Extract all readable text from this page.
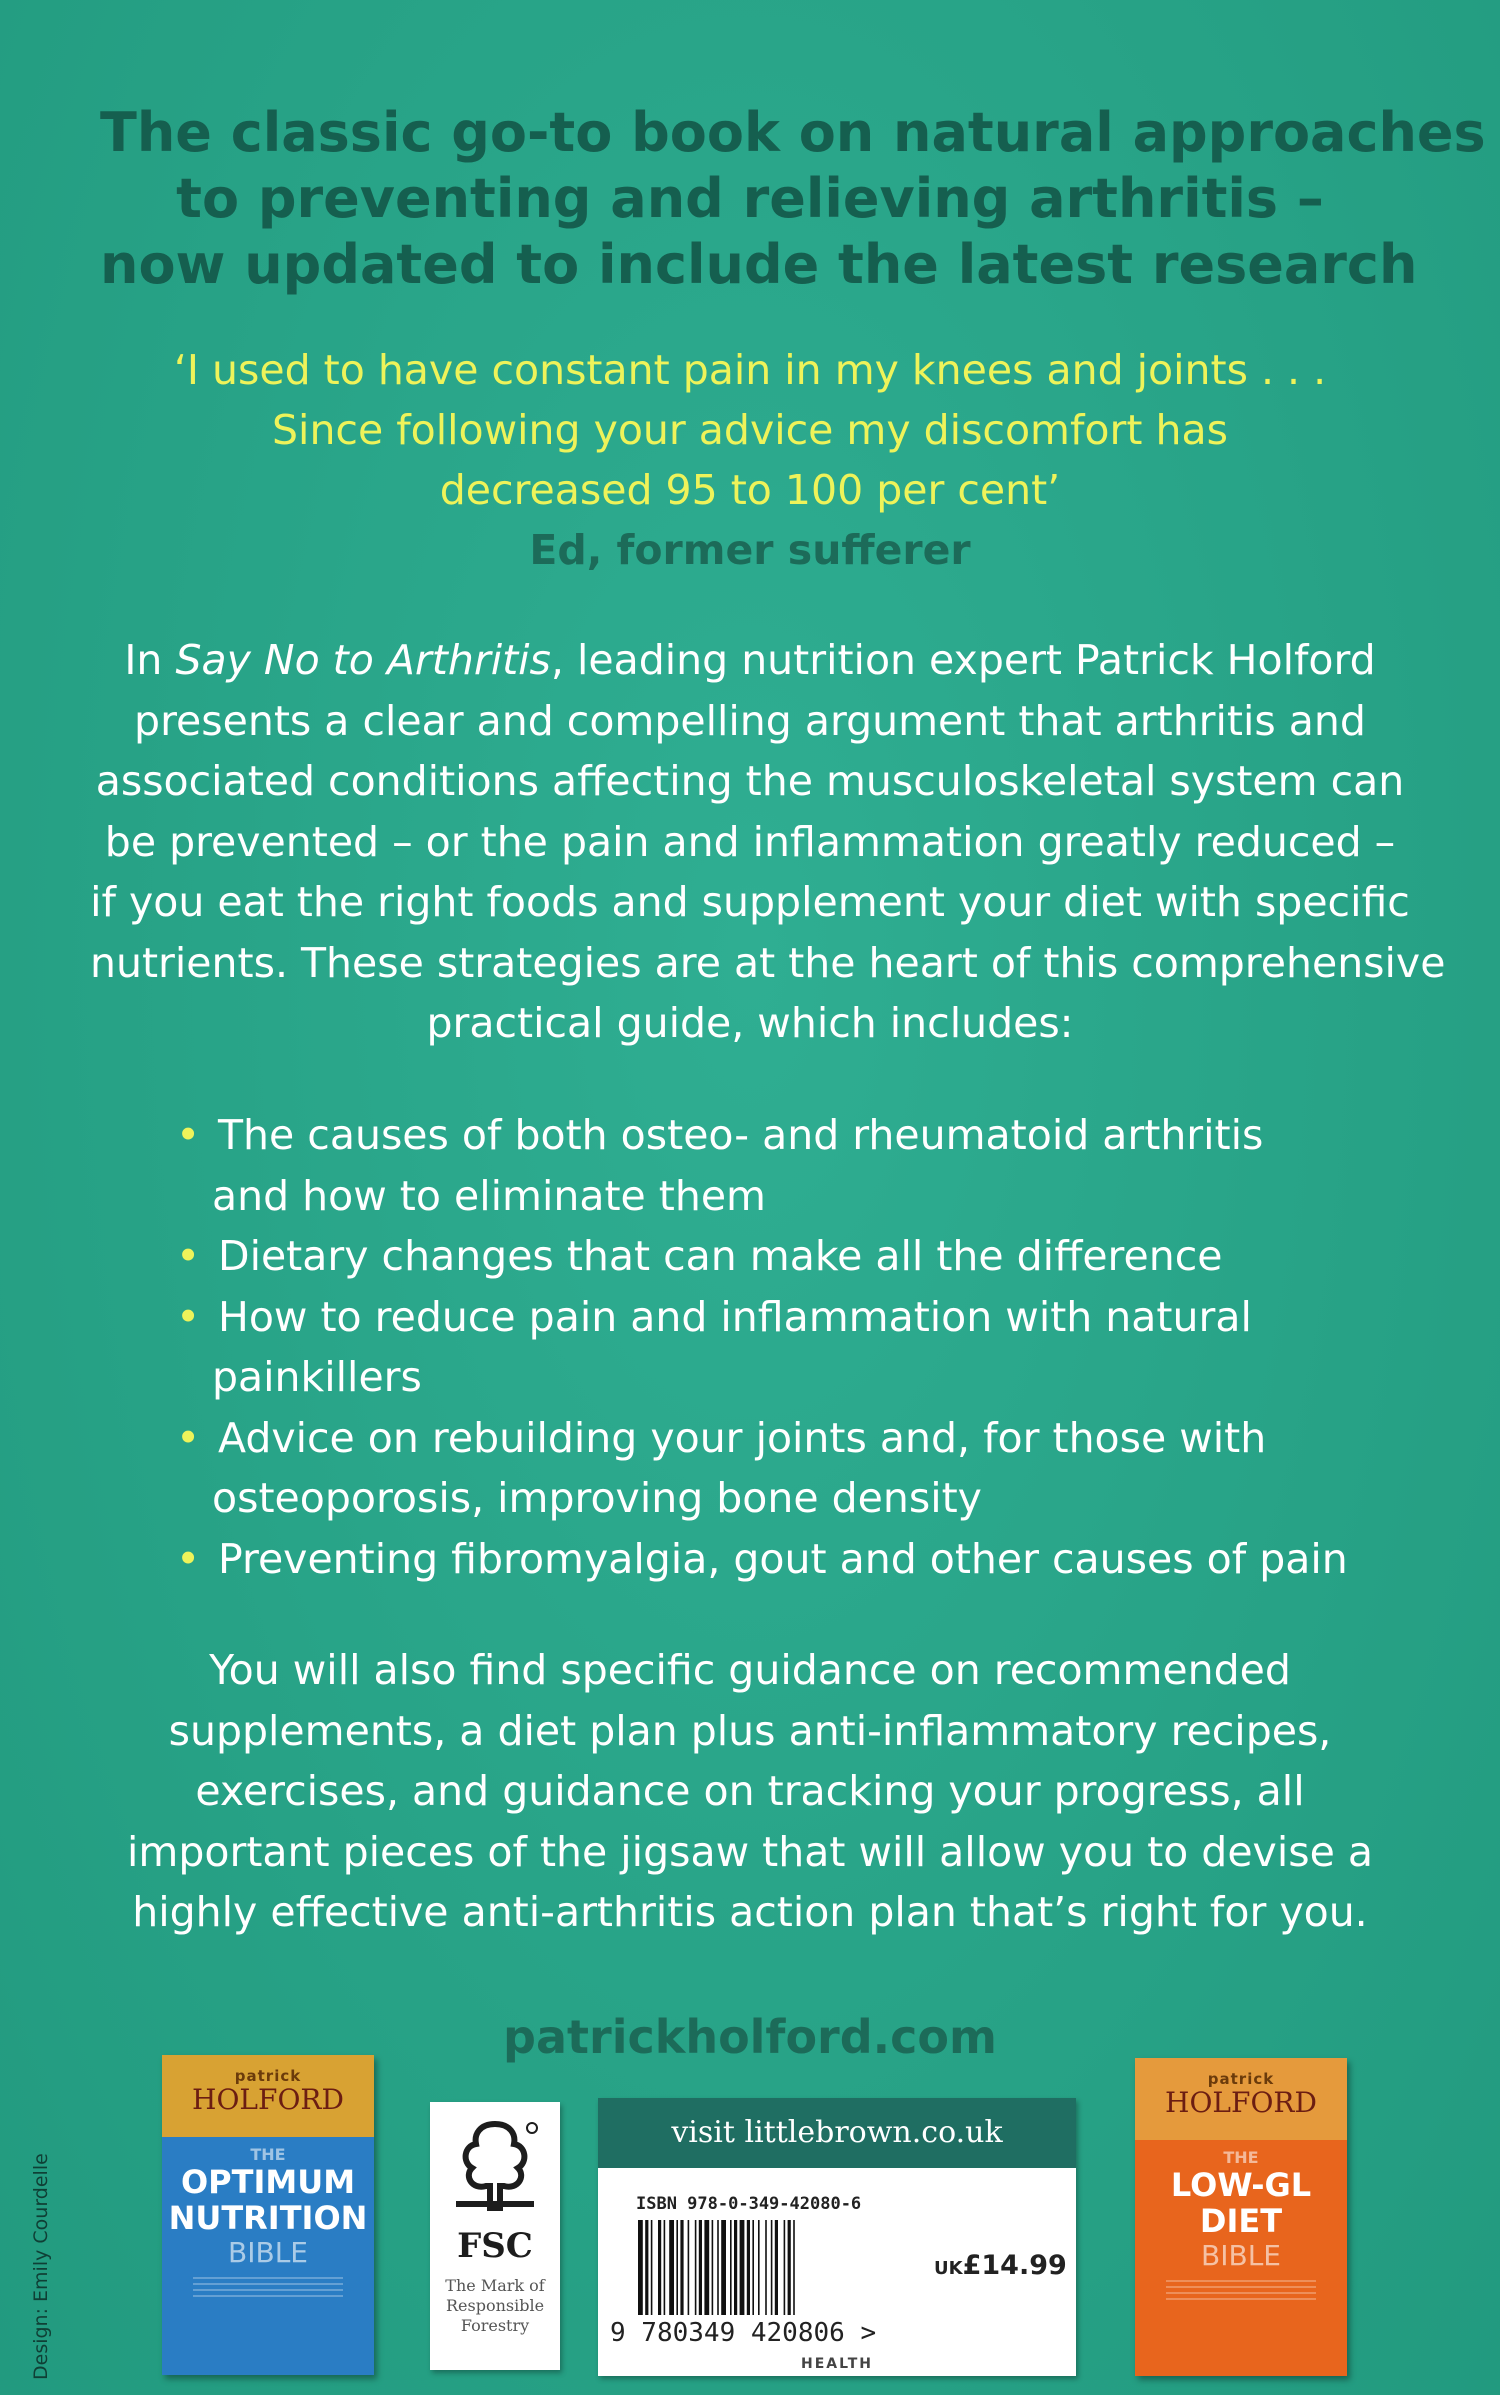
The classic go-to book on natural approaches
to preventing and relieving arthritis –
now updated to include the latest research
‘I used to have constant pain in my knees and joints . . .
Since following your advice my discomfort has
decreased 95 to 100 per cent’
Ed, former sufferer
In Say No to Arthritis, leading nutrition expert Patrick Holford
presents a clear and compelling argument that arthritis and
associated conditions affecting the musculoskeletal system can
be prevented – or the pain and inflammation greatly reduced –
if you eat the right foods and supplement your diet with specific
nutrients. These strategies are at the heart of this comprehensive
practical guide, which includes:
• The causes of both osteo- and rheumatoid arthritis
and how to eliminate them
• Dietary changes that can make all the difference
• How to reduce pain and inflammation with natural
painkillers
• Advice on rebuilding your joints and, for those with
osteoporosis, improving bone density
• Preventing fibromyalgia, gout and other causes of pain
You will also find specific guidance on recommended
supplements, a diet plan plus anti-inflammatory recipes,
exercises, and guidance on tracking your progress, all
important pieces of the jigsaw that will allow you to devise a
highly effective anti-arthritis action plan that’s right for you.
patrickholford.com
Design: Emily Courdelle
patrick
HOLFORD

THE
OPTIMUM
NUTRITION
BIBLE	FSC
The Mark of
Responsible
Forestry
visit littlebrown.co.uk
ISBN 978-0-349-42080-6
UK£14.99
9 780349 420806 >
HEALTH
patrick
HOLFORD

THE
LOW-GL
DIET
BIBLE
